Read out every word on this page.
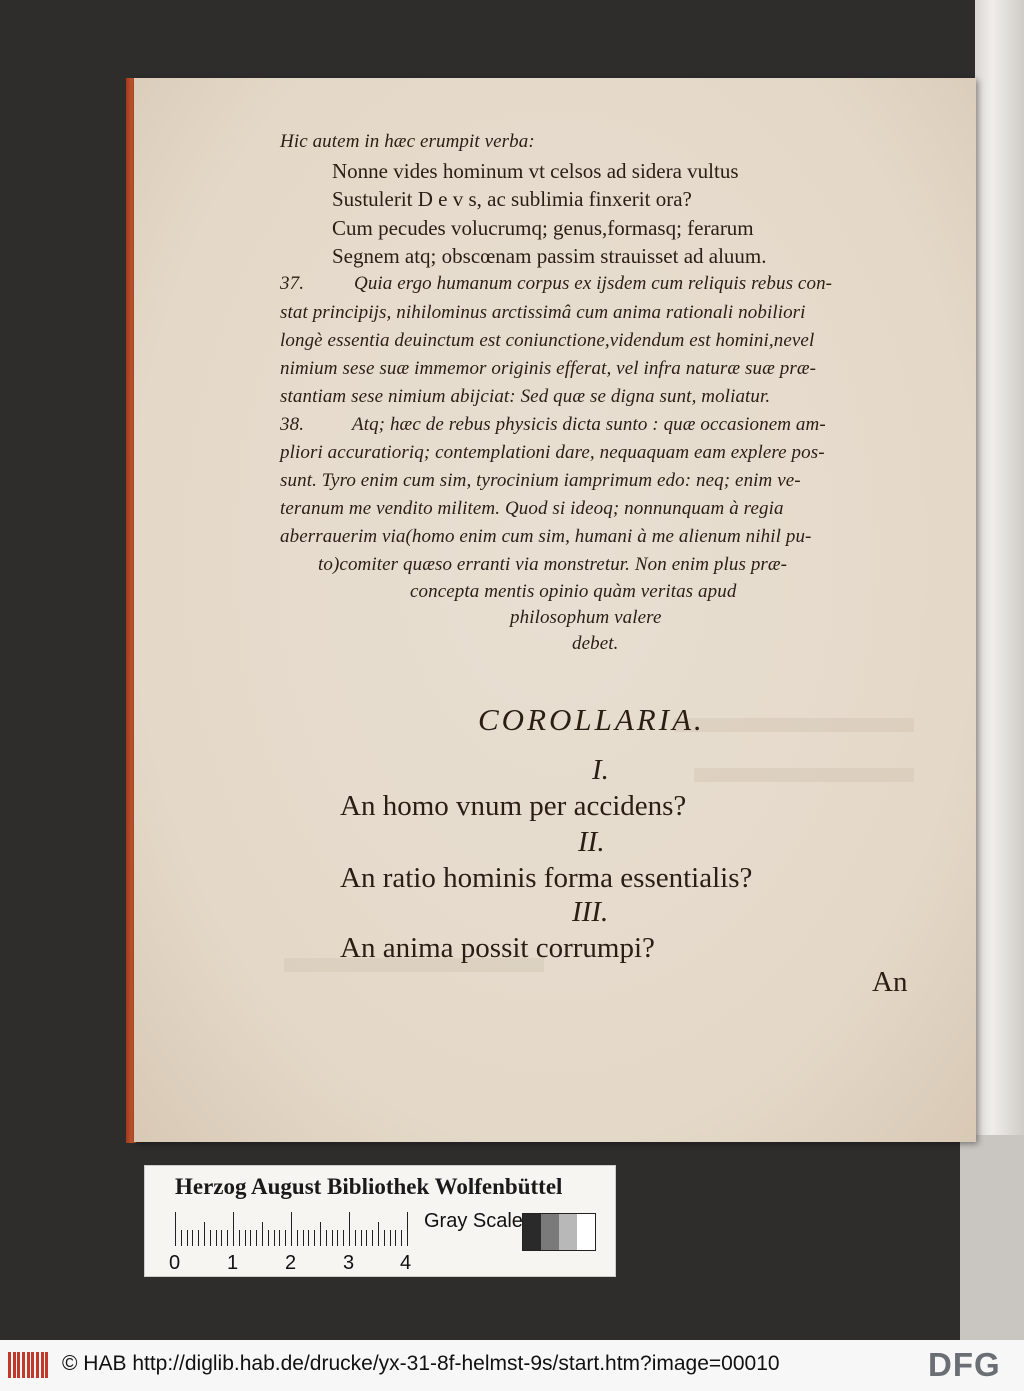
Hic autem in hæc erumpit verba:
Nonne vides hominum vt celsos ad sidera vultus
Sustulerit D e v s, ac sublimia finxerit ora?
Cum pecudes volucrumq; genus,formasq; ferarum
Segnem atq; obscœnam passim strauisset ad aluum.
37.	Quia ergo humanum corpus ex ijsdem cum reliquis rebus con-
stat principijs, nihilominus arctissimâ cum anima rationali nobiliori
longè essentia deuinctum est coniunctione,videndum est homini,nevel
nimium sese suæ immemor originis efferat, vel infra naturæ suæ præ-
stantiam sese nimium abijciat: Sed quæ se digna sunt, moliatur.
38.	Atq; hæc de rebus physicis dicta sunto : quæ occasionem am-
pliori accuratioriq; contemplationi dare, nequaquam eam explere pos-
sunt. Tyro enim cum sim, tyrocinium iamprimum edo: neq; enim ve-
teranum me vendito militem. Quod si ideoq; nonnunquam à regia
aberrauerim via(homo enim cum sim, humani à me alienum nihil pu-
to)comiter quæso erranti via monstretur. Non enim plus præ-
concepta mentis opinio quàm veritas apud
philosophum valere
debet.
COROLLARIA.
I.
An homo vnum per accidens?
II.
An ratio hominis forma essentialis?
III.
An anima possit corrumpi?
An
Herzog August Bibliothek Wolfenbüttel
Gray Scale
0 1 2 3 4
© HAB http://diglib.hab.de/drucke/yx-31-8f-helmst-9s/start.htm?image=00010	DFG
